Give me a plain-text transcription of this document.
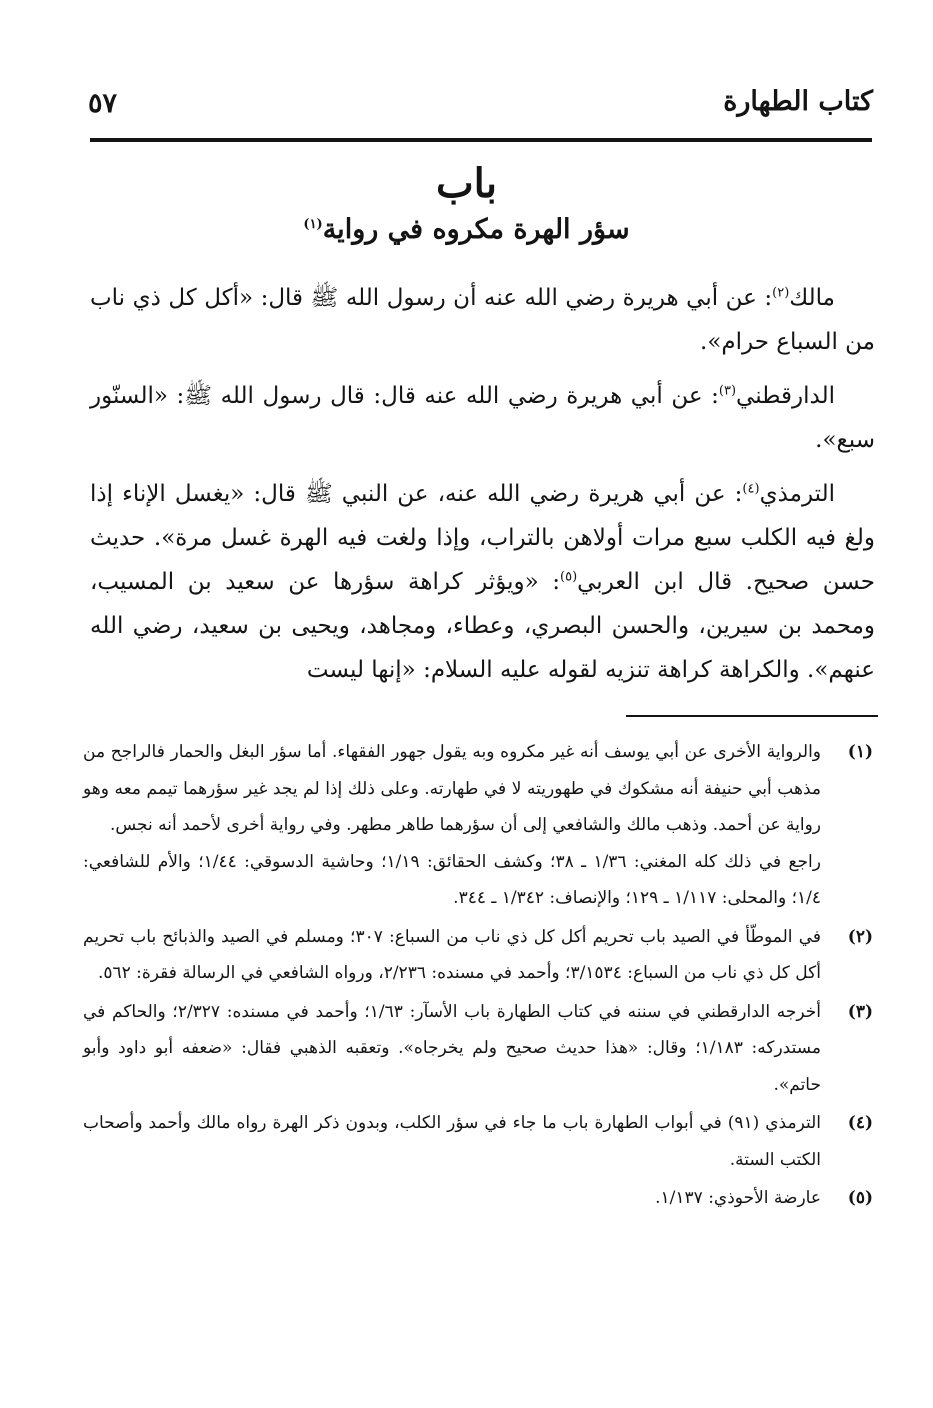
كتاب الطهارة
٥٧
باب
سؤر الهرة مكروه في رواية$^{(١)}$

مالك$^{(٢)}$: عن أبي هريرة رضي الله عنه أن رسول الله ﷺ قال: «أكل كل ذي ناب من السباع حرام».

الدارقطني$^{(٣)}$: عن أبي هريرة رضي الله عنه قال: قال رسول الله ﷺ: «السنّور سبع».

الترمذي$^{(٤)}$: عن أبي هريرة رضي الله عنه، عن النبي ﷺ قال: «يغسل الإناء إذا ولغ فيه الكلب سبع مرات أولاهن بالتراب، وإذا ولغت فيه الهرة غسل مرة». حديث حسن صحيح. قال ابن العربي$^{(٥)}$: «ويؤثر كراهة سؤرها عن سعيد بن المسيب، ومحمد بن سيرين، والحسن البصري، وعطاء، ومجاهد، ويحيى بن سعيد، رضي الله عنهم». والكراهة كراهة تنزيه لقوله عليه السلام: «إنها ليست

(١)

والرواية الأخرى عن أبي يوسف أنه غير مكروه وبه يقول جهور الفقهاء. أما سؤر البغل والحمار فالراجح من مذهب أبي حنيفة أنه مشكوك في طهوريته لا في طهارته. وعلى ذلك إذا لم يجد غير سؤرهما تيمم معه وهو رواية عن أحمد. وذهب مالك والشافعي إلى أن سؤرهما طاهر مطهر. وفي رواية أخرى لأحمد أنه نجس.

راجع في ذلك كله المغني: ١/٣٦ ـ ٣٨؛ وكشف الحقائق: ١/١٩؛ وحاشية الدسوقي: ١/٤٤؛ والأم للشافعي: ١/٤؛ والمحلى: ١/١١٧ ـ ١٢٩؛ والإنصاف: ١/٣٤٢ ـ ٣٤٤.

(٢)

في الموطّأ في الصيد باب تحريم أكل كل ذي ناب من السباع: ٣٠٧؛ ومسلم في الصيد والذبائح باب تحريم أكل كل ذي ناب من السباع: ٣/١٥٣٤؛ وأحمد في مسنده: ٢/٢٣٦، ورواه الشافعي في الرسالة فقرة: ٥٦٢.

(٣)

أخرجه الدارقطني في سننه في كتاب الطهارة باب الأسآر: ١/٦٣؛ وأحمد في مسنده: ٢/٣٢٧؛ والحاكم في مستدركه: ١/١٨٣؛ وقال: «هذا حديث صحيح ولم يخرجاه». وتعقبه الذهبي فقال: «ضعفه أبو داود وأبو حاتم».

(٤)

الترمذي (٩١) في أبواب الطهارة باب ما جاء في سؤر الكلب، وبدون ذكر الهرة رواه مالك وأحمد وأصحاب الكتب الستة.

(٥)

عارضة الأحوذي: ١/١٣٧.
